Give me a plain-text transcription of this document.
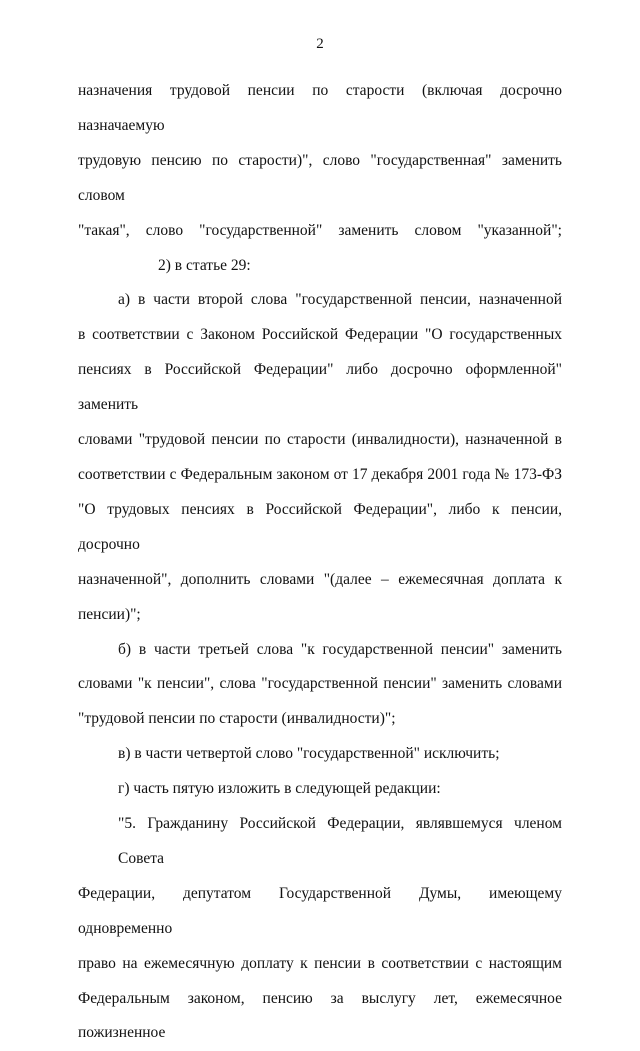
2

назначения трудовой пенсии по старости (включая досрочно назначаемую
трудовую пенсию по старости)", слово "государственная" заменить словом
"такая", слово "государственной" заменить словом "указанной";

2) в статье 29:

а) в части второй слова "государственной пенсии, назначенной
в соответствии с Законом Российской Федерации "О государственных
пенсиях в Российской Федерации" либо досрочно оформленной" заменить
словами "трудовой пенсии по старости (инвалидности), назначенной в
соответствии с Федеральным законом от 17 декабря 2001 года № 173-ФЗ
"О трудовых пенсиях в Российской Федерации", либо к пенсии, досрочно
назначенной", дополнить словами "(далее – ежемесячная доплата к
пенсии)";

б) в части третьей слова "к государственной пенсии" заменить
словами "к пенсии", слова "государственной пенсии" заменить словами
"трудовой пенсии по старости (инвалидности)";

в) в части четвертой слово "государственной" исключить;

г) часть пятую изложить в следующей редакции:

"5. Гражданину Российской Федерации, являвшемуся членом Совета
Федерации, депутатом Государственной Думы, имеющему одновременно
право на ежемесячную доплату к пенсии в соответствии с настоящим
Федеральным законом, пенсию за выслугу лет, ежемесячное пожизненное
